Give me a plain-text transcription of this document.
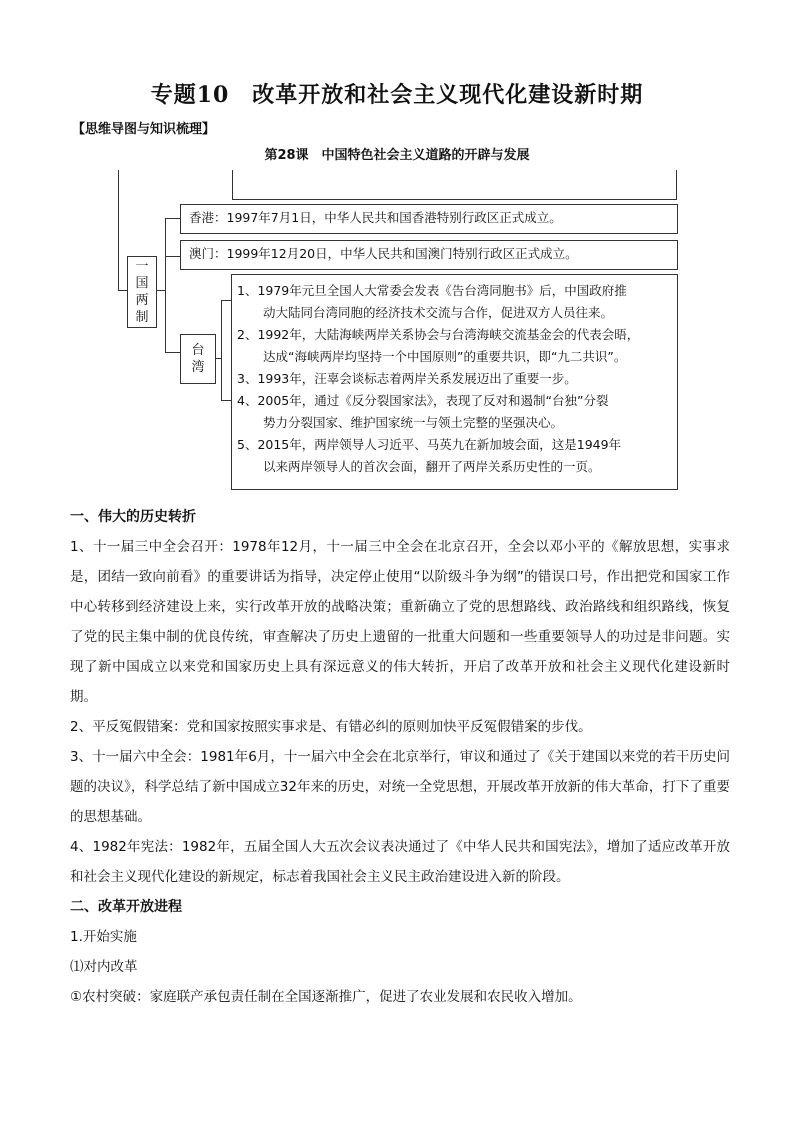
专题10　改革开放和社会主义现代化建设新时期
【思维导图与知识梳理】
第28课　中国特色社会主义道路的开辟与发展
一国两制
香港：1997年7月1日，中华人民共和国香港特别行政区正式成立。
澳门：1999年12月20日，中华人民共和国澳门特别行政区正式成立。
台湾
1、1979年元旦全国人大常委会发表《告台湾同胞书》后，中国政府推
动大陆同台湾同胞的经济技术交流与合作，促进双方人员往来。
2、1992年，大陆海峡两岸关系协会与台湾海峡交流基金会的代表会晤，
达成“海峡两岸均坚持一个中国原则”的重要共识，即“九二共识”。
3、1993年，汪辜会谈标志着两岸关系发展迈出了重要一步。
4、2005年，通过《反分裂国家法》，表现了反对和遏制“台独”分裂
势力分裂国家、维护国家统一与领土完整的坚强决心。
5、2015年，两岸领导人习近平、马英九在新加坡会面，这是1949年
以来两岸领导人的首次会面，翻开了两岸关系历史性的一页。
一、伟大的历史转折
1、十一届三中全会召开：1978年12月，十一届三中全会在北京召开，全会以邓小平的《解放思想，实事求是，团结一致向前看》的重要讲话为指导，决定停止使用“以阶级斗争为纲”的错误口号，作出把党和国家工作中心转移到经济建设上来，实行改革开放的战略决策；重新确立了党的思想路线、政治路线和组织路线，恢复了党的民主集中制的优良传统，审查解决了历史上遗留的一批重大问题和一些重要领导人的功过是非问题。实现了新中国成立以来党和国家历史上具有深远意义的伟大转折，开启了改革开放和社会主义现代化建设新时期。
2、平反冤假错案：党和国家按照实事求是、有错必纠的原则加快平反冤假错案的步伐。
3、十一届六中全会：1981年6月，十一届六中全会在北京举行，审议和通过了《关于建国以来党的若干历史问题的决议》，科学总结了新中国成立32年来的历史，对统一全党思想，开展改革开放新的伟大革命，打下了重要的思想基础。
4、1982年宪法：1982年，五届全国人大五次会议表决通过了《中华人民共和国宪法》，增加了适应改革开放和社会主义现代化建设的新规定，标志着我国社会主义民主政治建设进入新的阶段。
二、改革开放进程
1.开始实施
⑴对内改革
①农村突破：家庭联产承包责任制在全国逐渐推广，促进了农业发展和农民收入增加。
